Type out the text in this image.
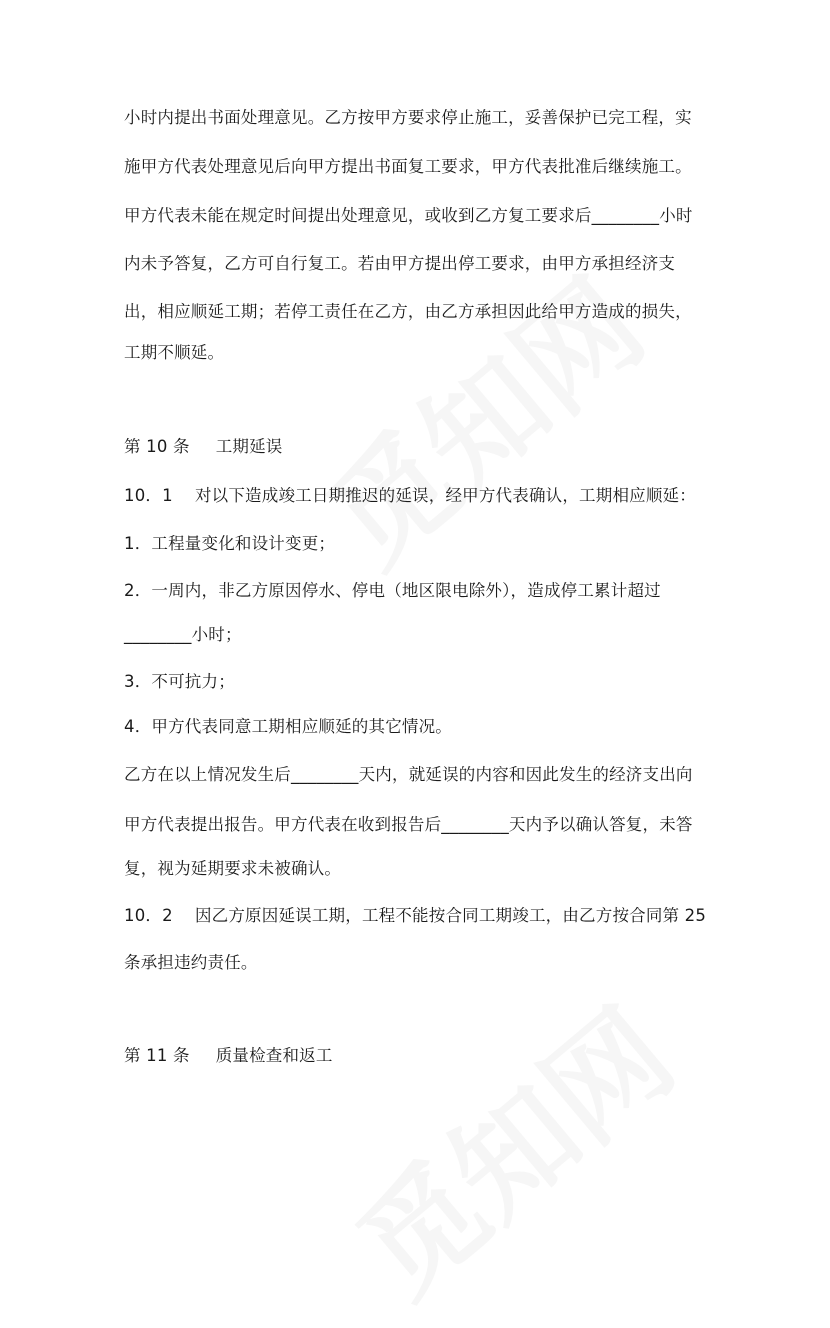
小时内提出书面处理意见。乙方按甲方要求停止施工，妥善保护已完工程，实
施甲方代表处理意见后向甲方提出书面复工要求，甲方代表批准后继续施工。
甲方代表未能在规定时间提出处理意见，或收到乙方复工要求后________小时
内未予答复，乙方可自行复工。若由甲方提出停工要求，由甲方承担经济支
出，相应顺延工期；若停工责任在乙方，由乙方承担因此给甲方造成的损失，
工期不顺延。
第 10 条 工期延误
10．1　 对以下造成竣工日期推迟的延误，经甲方代表确认，工期相应顺延：
1．工程量变化和设计变更；
2．一周内，非乙方原因停水、停电（地区限电除外），造成停工累计超过
________小时；
3．不可抗力；
4．甲方代表同意工期相应顺延的其它情况。
乙方在以上情况发生后________天内，就延误的内容和因此发生的经济支出向
甲方代表提出报告。甲方代表在收到报告后________天内予以确认答复，未答
复，视为延期要求未被确认。
10．2　 因乙方原因延误工期，工程不能按合同工期竣工，由乙方按合同第 25
条承担违约责任。
第 11 条 质量检查和返工
